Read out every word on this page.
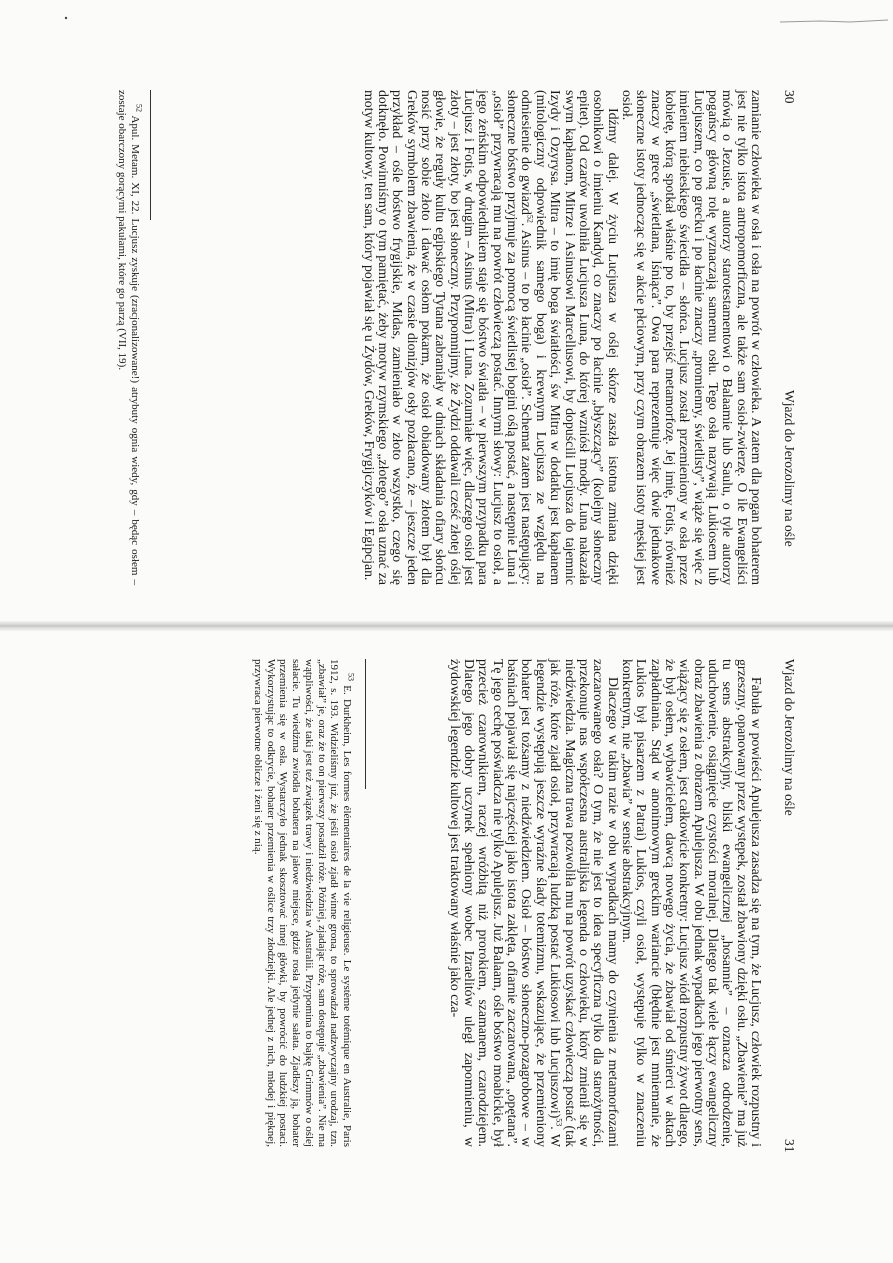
30
Wjazd do Jerozolimy na ośle

zamianie człowieka w osła i osła na powrót w człowieka. A zatem dla pogan bohaterem jest nie tylko istota antropomorficzna, ale także sam osioł-zwierzę. O ile Ewangeliści mówią o Jezusie, a autorzy starotestamentowi o Balaamie lub Saulu, o tyle autorzy pogańscy główną rolę wyznaczają samemu osłu. Tego osła nazywają Lukiosem lub Lucjuszem, co po grecku i po łacinie znaczy „promienny, świetlisty”, wiąże się więc z imieniem niebieskiego świecidła – słońca. Lucjusz został przemieniony w osła przez kobietę, którą spotkał właśnie po to, by przejść metamorfozę. Jej imię, Fotis, również znaczy w grece „świetlana, lśniąca”. Owa para reprezentuje więc dwie jednakowe słoneczne istoty jednocząc się w akcie płciowym, przy czym obrazem istoty męskiej jest osioł.

Idźmy dalej. W życiu Lucjusza w oślej skórze zaszła istotna zmiana dzięki osobnikowi o imieniu Kandyd, co znaczy po łacinie „błyszczący” (kolejny słoneczny epitet). Od czarów uwolniła Lucjusza Luna, do której wzniósł modły. Luna nakazała swym kapłanom, Mitrze i Asinusowi Marcellusowi, by dopuścili Lucjusza do tajemnic Izydy i Ozyrysa. Mitra – to imię boga światłości, św Mitra w dodatku jest kapłanem (mitologiczny odpowiednik samego boga) i krewnym Lucjusza ze względu na odniesienie do gwiazd$^{52}$. Asinus – to po łacinie „osioł”. Schemat zatem jest następujący: słoneczne bóstwo przyjmuje za pomocą świetlistej bogini oślą postać, a następnie Luna i „osioł” przywracają mu na powrót człowieczą postać. Innymi słowy: Lucjusz to osioł, a jego żeńskim odpowiednikiem staje się bóstwo światła – w pierwszym przypadku para Lucjusz i Fotis, w drugim – Asinus (Mitra) i Luna. Zozumiałe więc, dlaczego osioł jest złoty – jest złoty, bo jest słoneczny. Przypomnijmy, że Żydzi oddawali cześć złotej oślej głowie, że reguły kultu egipskiego Tytana zabraniały w dniach składania ofiary słońcu nosić przy sobie złoto i dawać osłom pokarm, że osioł obiadowany złotem był dla Greków symbolem zbawienia, że w czasie dionizjów osły pozłacano, że – jeszcze jeden przykład – ośle bóstwo frygijskie, Midas, zamieniało w złoto wszystko, czego się dotknęło. Powinniśmy o tym pamiętać, żeby motyw rzymskiego „złotego” osła uznać za motyw kultowy, ten sam, który pojawiał się u Żydów, Greków, Frygijczyków i Egipcjan.

$^{52}$ Apul. Metam. XI, 22. Lucjusz zyskuje (zracjonalizowane!) atrybuty ognia wiedy, gdy – będąc osłem – zostaje obarczony gorącymi pakułami, które go parzą (VII, 19).

Wjazd do Jerozolimy na ośle
31

Fabuła w powieści Apulejusza zasadza się na tym, że Lucjusz, człowiek rozpustny i grzeszny, opanowany przez występek, został zbawiony dzięki osłu. „Zbawienie” ma już tu sens abstrakcyjny, bliski ewangelicznej „hosannie” – oznacza odrodzenie, uduchowienie, osiągnięcie czystości moralnej. Dlatego tak wiele łączy ewangeliczny obraz zbawienia z obrazem Apulejusza. W obu jednak wypadkach jego pierwotny sens, wiążący się z osłem, jest całkowicie konkretny: Lucjusz wiódł rozpustny żywot dlatego, że był osłem, wybawicielem, dawcą nowego życia, że zbawiał od śmierci w aktach zapładniania. Stąd w anonimowym greckim wariancie (błędnie jest mniemanie, że Lukios był pisarzem z Patrai) Lukios, czyli osioł, występuje tylko w znaczeniu konkretnym, nie „zbawia” w sensie abstrakcyjnym.

Dlaczego w takim razie w obu wypadkach mamy do czynienia z metamorfozami zaczarowanego osła? O tym, że nie jest to idea specyficzna tylko dla starożytności, przekonuje nas współczesna australijska legenda o człowieku, który zmienił się w niedźwiedzia. Magiczna trawa pozwoliła mu na powrót uzyskać człowieczą postać (tak jak róże, które zjadł osioł, przywracają ludzką postać Lukiosowi lub Lucjuszowi)$^{53}$. W legendzie występują jeszcze wyraźne ślady totemizmu, wskazujące, że przemieniony bohater jest tożsamy z niedźwiedziem. Osioł – bóstwo słoneczno-pozagrobowe – w baśniach pojawiał się najczęściej jako istota zaklęta, ofiarnie zaczarowana, „opętana”. Tę jego cechę poświadcza nie tylko Apulejusz. Już Balaam, ośle bóstwo moabickie, był przecież czarownikiem, raczej wróżbitą niż prorokiem, szamanem, czarodziejem. Dlatego jego dobry uczynek spełniony wobec Izraelitów uległ zapomnieniu, w żydowskiej legendzie kultowej jest traktowany właśnie jako cza-

$^{53}$ E. Durkheim, Les formes élémentaires de la vie religieuse. Le système totémique en Australie, Paris 1912, s. 193. Widzieliśmy już, że jeśli osioł zjadł winne grona, to sprowadzał nadzwyczajny urodzaj, tzn. „zbawiał” je, oraz że to on pierwszy posadził róże. Później, zjadając róże, sam dostępuje „zbawienia”. Nie ma wątpliwości, że taki jest też związek trawy i niedźwiedzia w Australii. Przypomina to bajkę Grimmów o oślej sałacie. Tu wiedźma zwiodła bohatera na jałowe miejsce, gdzie rosła jedynie sałata. Zjadłszy ją, bohater przemienia się w osła. Wystarczyło jednak skosztować innej główki, by powrócić do ludzkiej postaci. Wykorzystując to odkrycie, bohater przemienia w oślice trzy złodziejki. Ale jednej z nich, młodej i pięknej, przywraca pierwotne oblicze i żeni się z nią.
